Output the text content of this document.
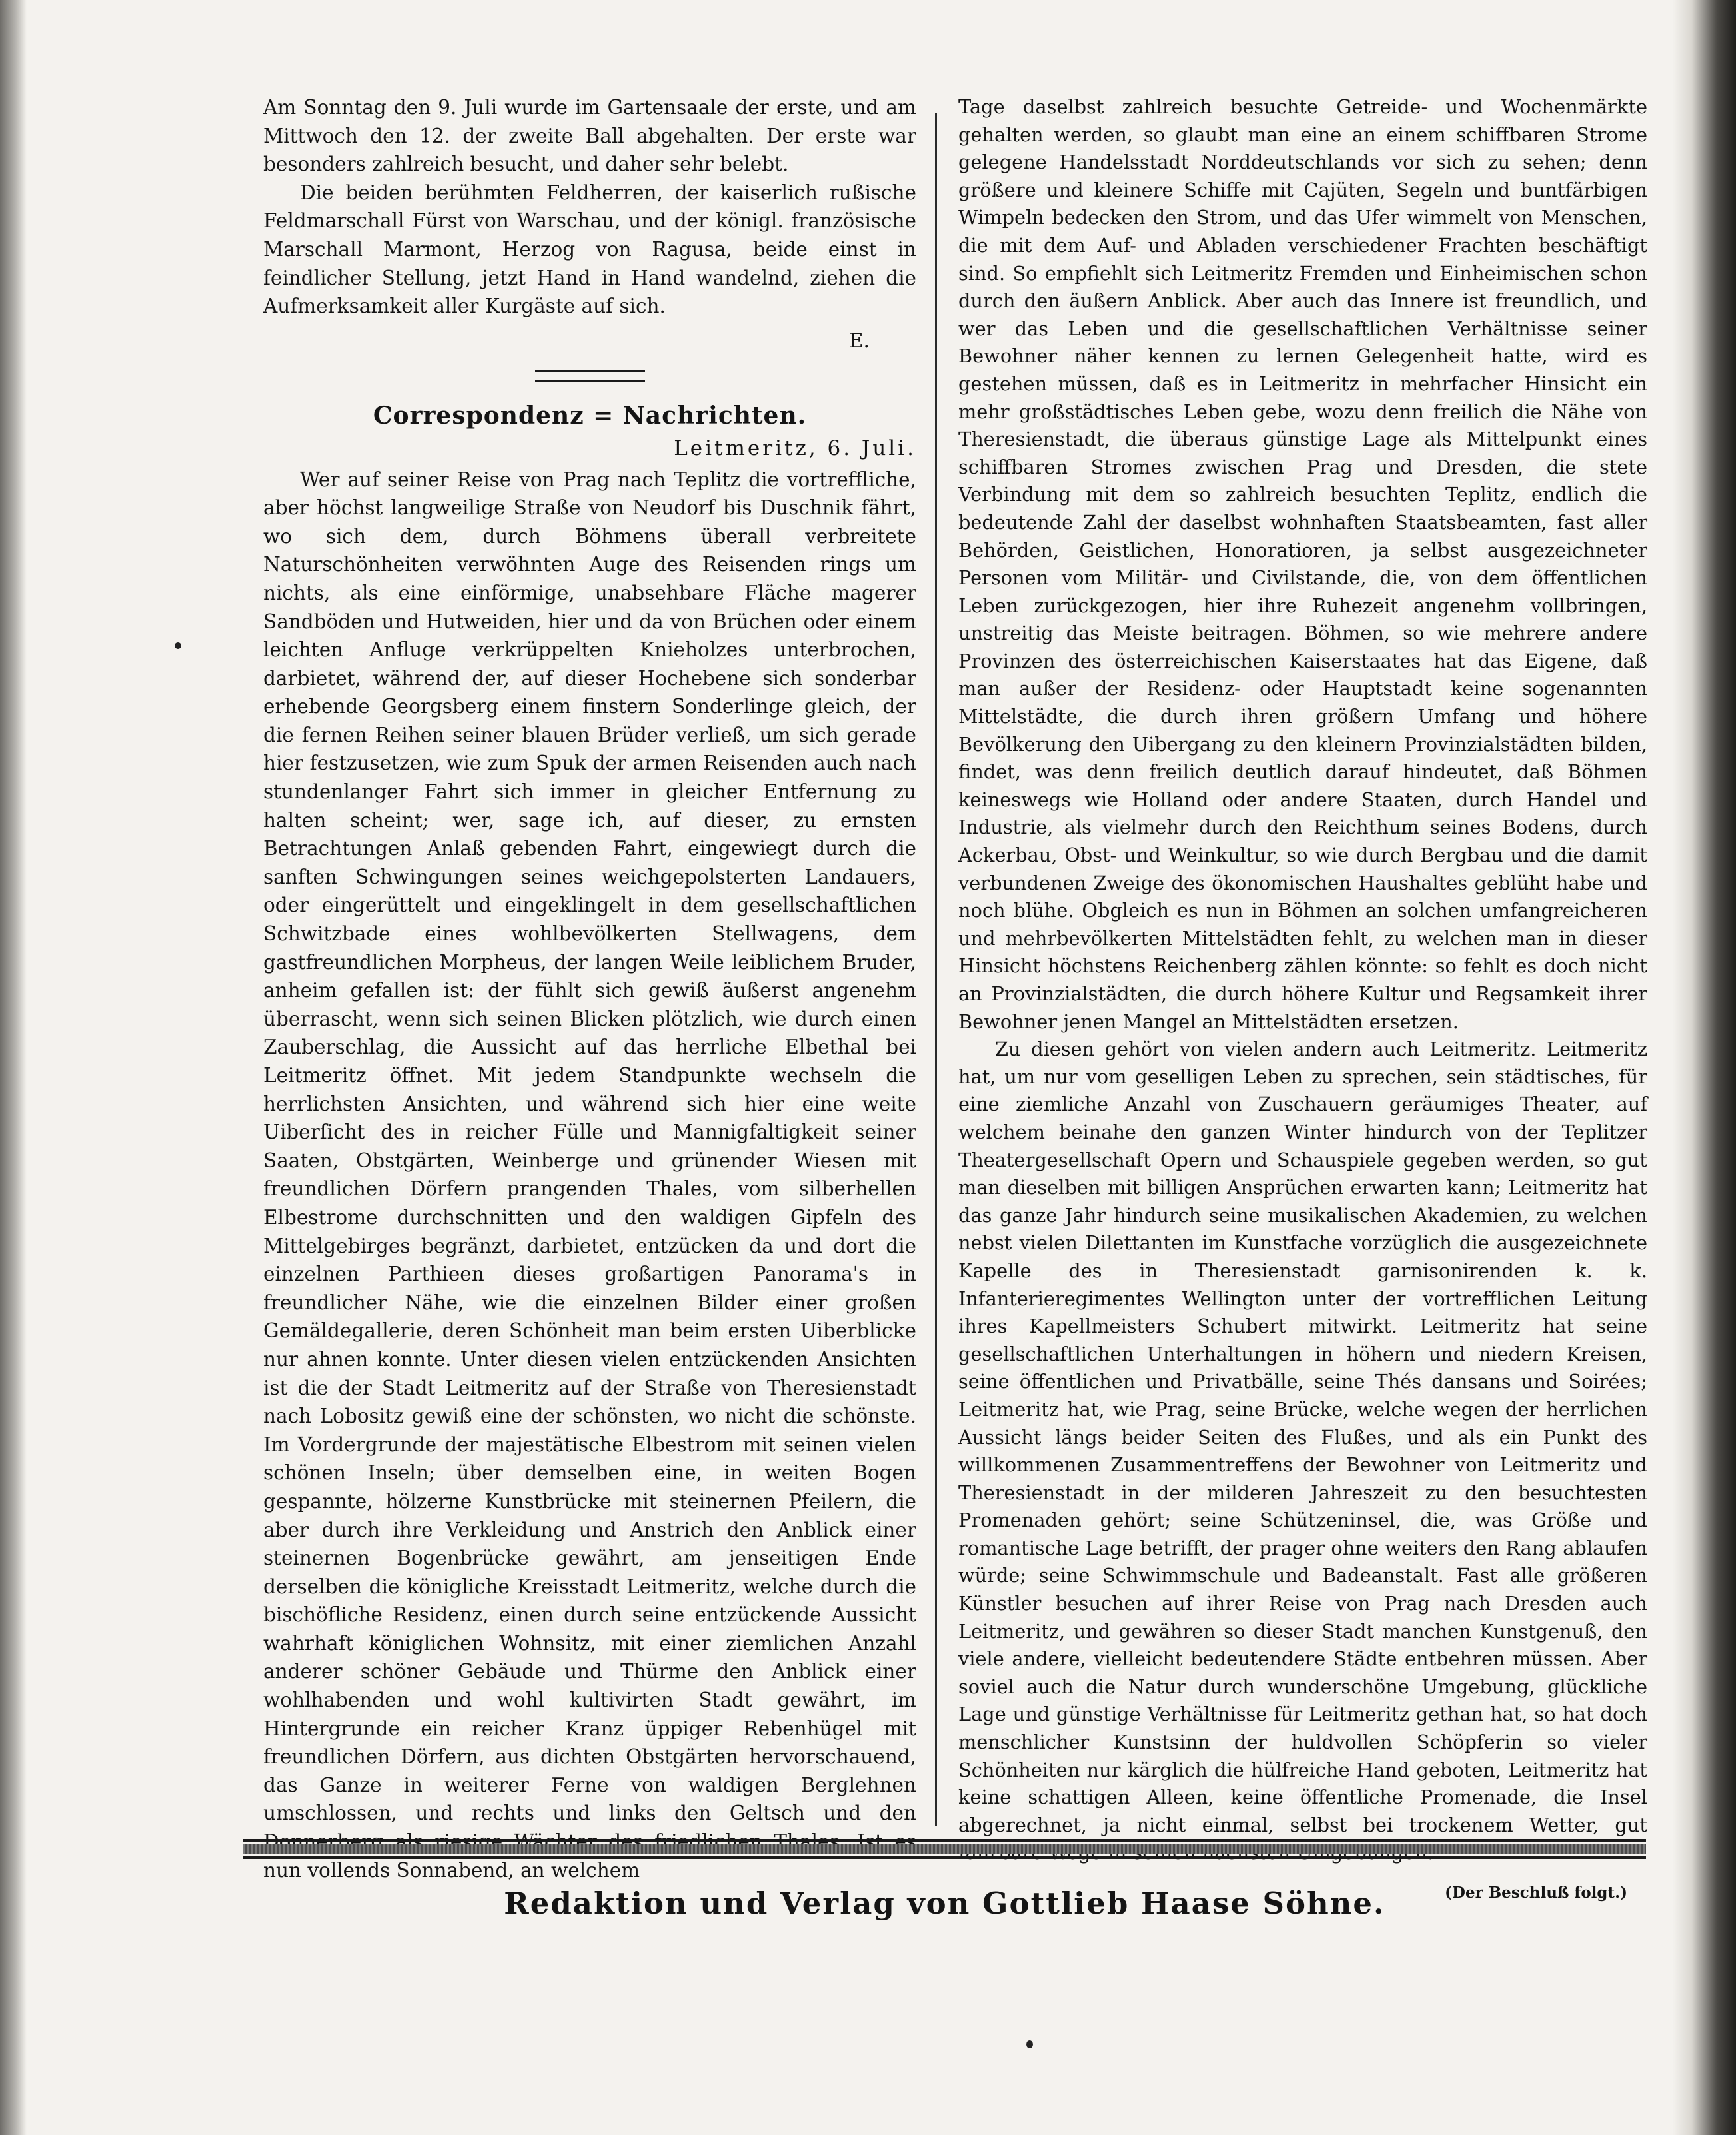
Am Sonntag den 9. Juli wurde im Gartensaale der erste, und am Mittwoch den 12. der zweite Ball abgehalten. Der erste war besonders zahlreich besucht, und daher sehr belebt.

Die beiden berühmten Feldherren, der kaiserlich rußische Feldmarschall Fürst von Warschau, und der königl. französische Marschall Marmont, Herzog von Ragusa, beide einst in feindlicher Stellung, jetzt Hand in Hand wandelnd, ziehen die Aufmerksamkeit aller Kurgäste auf sich.

E.
Correspondenz = Nachrichten.
Leitmeritz, 6. Juli.

Wer auf seiner Reise von Prag nach Teplitz die vortreffliche, aber höchst langweilige Straße von Neudorf bis Duschnik fährt, wo sich dem, durch Böhmens überall verbreitete Naturschönheiten verwöhnten Auge des Reisenden rings um nichts, als eine einförmige, unabsehbare Fläche magerer Sandböden und Hutweiden, hier und da von Brüchen oder einem leichten Anfluge verkrüppelten Knieholzes unterbrochen, darbietet, während der, auf dieser Hochebene sich sonderbar erhebende Georgsberg einem finstern Sonderlinge gleich, der die fernen Reihen seiner blauen Brüder verließ, um sich gerade hier festzusetzen, wie zum Spuk der armen Reisenden auch nach stundenlanger Fahrt sich immer in gleicher Entfernung zu halten scheint; wer, sage ich, auf dieser, zu ernsten Betrachtungen Anlaß gebenden Fahrt, eingewiegt durch die sanften Schwingungen seines weichgepolsterten Landauers, oder eingerüttelt und eingeklingelt in dem gesellschaftlichen Schwitzbade eines wohlbevölkerten Stellwagens, dem gastfreundlichen Morpheus, der langen Weile leiblichem Bruder, anheim gefallen ist: der fühlt sich gewiß äußerst angenehm überrascht, wenn sich seinen Blicken plötzlich, wie durch einen Zauberschlag, die Aussicht auf das herrliche Elbethal bei Leitmeritz öffnet. Mit jedem Standpunkte wechseln die herrlichsten Ansichten, und während sich hier eine weite Uiberſicht des in reicher Fülle und Mannigfaltigkeit seiner Saaten, Obstgärten, Weinberge und grünender Wiesen mit freundlichen Dörfern prangenden Thales, vom silberhellen Elbestrome durchschnitten und den waldigen Gipfeln des Mittelgebirges begränzt, darbietet, entzücken da und dort die einzelnen Parthieen dieses großartigen Panorama's in freundlicher Nähe, wie die einzelnen Bilder einer großen Gemäldegallerie, deren Schönheit man beim ersten Uiberblicke nur ahnen konnte. Unter diesen vielen entzückenden Ansichten ist die der Stadt Leitmeritz auf der Straße von Theresienstadt nach Lobositz gewiß eine der schönsten, wo nicht die schönste. Im Vordergrunde der majestätische Elbestrom mit seinen vielen schönen Inseln; über demselben eine, in weiten Bogen gespannte, hölzerne Kunstbrücke mit steinernen Pfeilern, die aber durch ihre Verkleidung und Anstrich den Anblick einer steinernen Bogenbrücke gewährt, am jenseitigen Ende derselben die königliche Kreisstadt Leitmeritz, welche durch die bischöfliche Residenz, einen durch seine entzückende Aussicht wahrhaft königlichen Wohnsitz, mit einer ziemlichen Anzahl anderer schöner Gebäude und Thürme den Anblick einer wohlhabenden und wohl kultivirten Stadt gewährt, im Hintergrunde ein reicher Kranz üppiger Rebenhügel mit freundlichen Dörfern, aus dichten Obstgärten hervorschauend, das Ganze in weiterer Ferne von waldigen Berglehnen umschlossen, und rechts und links den Geltsch und den nun vollends Sonnabend, an welchem

Tage daselbst zahlreich besuchte Getreide- und Wochenmärkte gehalten werden, so glaubt man eine an einem schiffbaren Strome gelegene Handelsstadt Norddeutschlands vor sich zu sehen; denn größere und kleinere Schiffe mit Cajüten, Segeln und buntfärbigen Wimpeln bedecken den Strom, und das Ufer wimmelt von Menschen, die mit dem Auf- und Abladen verschiedener Frachten beschäftigt sind. So empfiehlt sich Leitmeritz Fremden und Einheimischen schon durch den äußern Anblick. Aber auch das Innere ist freundlich, und wer das Leben und die gesellschaftlichen Verhältnisse seiner Bewohner näher kennen zu lernen Gelegenheit hatte, wird es gestehen müssen, daß es in Leitmeritz in mehrfacher Hinsicht ein mehr großstädtisches Leben gebe, wozu denn freilich die Nähe von Theresienstadt, die überaus günstige Lage als Mittelpunkt eines schiffbaren Stromes zwischen Prag und Dresden, die stete Verbindung mit dem so zahlreich besuchten Teplitz, endlich die bedeutende Zahl der daselbst wohnhaften Staatsbeamten, fast aller Behörden, Geistlichen, Honoratioren, ja selbst ausgezeichneter Personen vom Militär- und Civilstande, die, von dem öffentlichen Leben zurückgezogen, hier ihre Ruhezeit angenehm vollbringen, unstreitig das Meiste beitragen. Böhmen, so wie mehrere andere Provinzen des österreichischen Kaiserstaates hat das Eigene, daß man außer der Residenz- oder Hauptstadt keine sogenannten Mittelstädte, die durch ihren größern Umfang und höhere Bevölkerung den Uibergang zu den kleinern Provinzialstädten bilden, findet, was denn freilich deutlich darauf hindeutet, daß Böhmen keineswegs wie Holland oder andere Staaten, durch Handel und Industrie, als vielmehr durch den Reichthum seines Bodens, durch Ackerbau, Obst- und Weinkultur, so wie durch Bergbau und die damit verbundenen Zweige des ökonomischen Haushaltes geblüht habe und noch blühe. Obgleich es nun in Böhmen an solchen umfangreicheren und mehrbevölkerten Mittelstädten fehlt, zu welchen man in dieser Hinsicht höchstens Reichenberg zählen könnte: so fehlt es doch nicht an Provinzialstädten, die durch höhere Kultur und Regsamkeit ihrer Bewohner jenen Mangel an Mittelstädten ersetzen.

Zu diesen gehört von vielen andern auch Leitmeritz. Leitmeritz hat, um nur vom geselligen Leben zu sprechen, sein städtisches, für eine ziemliche Anzahl von Zuschauern geräumiges Theater, auf welchem beinahe den ganzen Winter hindurch von der Teplitzer Theatergesellschaft Opern und Schauspiele gegeben werden, so gut man dieselben mit billigen Ansprüchen erwarten kann; Leitmeritz hat das ganze Jahr hindurch seine musikalischen Akademien, zu welchen nebst vielen Dilettanten im Kunstfache vorzüglich die ausgezeichnete Kapelle des in Theresienstadt garnisonirenden k. k. Infanterieregimentes Wellington unter der vortrefflichen Leitung ihres Kapellmeisters Schubert mitwirkt. Leitmeritz hat seine gesellschaftlichen Unterhaltungen in höhern und niedern Kreisen, seine öffentlichen und Privatbälle, seine Thés dansans und Soirées; Leitmeritz hat, wie Prag, seine Brücke, welche wegen der herrlichen Aussicht längs beider Seiten des Flußes, und als ein Punkt des willkommenen Zusammentreffens der Bewohner von Leitmeritz und Theresienstadt in der milderen Jahreszeit zu den besuchtesten Promenaden gehört; seine Schützeninsel, die, was Größe und romantische Lage betrifft, der prager ohne weiters den Rang ablaufen würde; seine Schwimmschule und Badeanstalt. Fast alle größeren Künstler besuchen auf ihrer Reise von Prag nach Dresden auch Leitmeritz, und gewähren so dieser Stadt manchen Kunstgenuß, den viele andere, vielleicht bedeutendere Städte entbehren müssen. Aber soviel auch die Natur durch wunderschöne Umgebung, glückliche Lage und günstige Verhältnisse für Leitmeritz gethan hat, so hat doch menschlicher Kunstsinn der huldvollen Schöpferin so vieler Schönheiten nur kärglich die hülfreiche Hand geboten, Leitmeritz hat keine schattigen Alleen, keine öffentliche Promenade, die Insel abgerechnet, ja nicht einmal, selbst bei trockenem Wetter, gut

(Der Beschluß folgt.)
Redaktion und Verlag von Gottlieb Haase Söhne.
